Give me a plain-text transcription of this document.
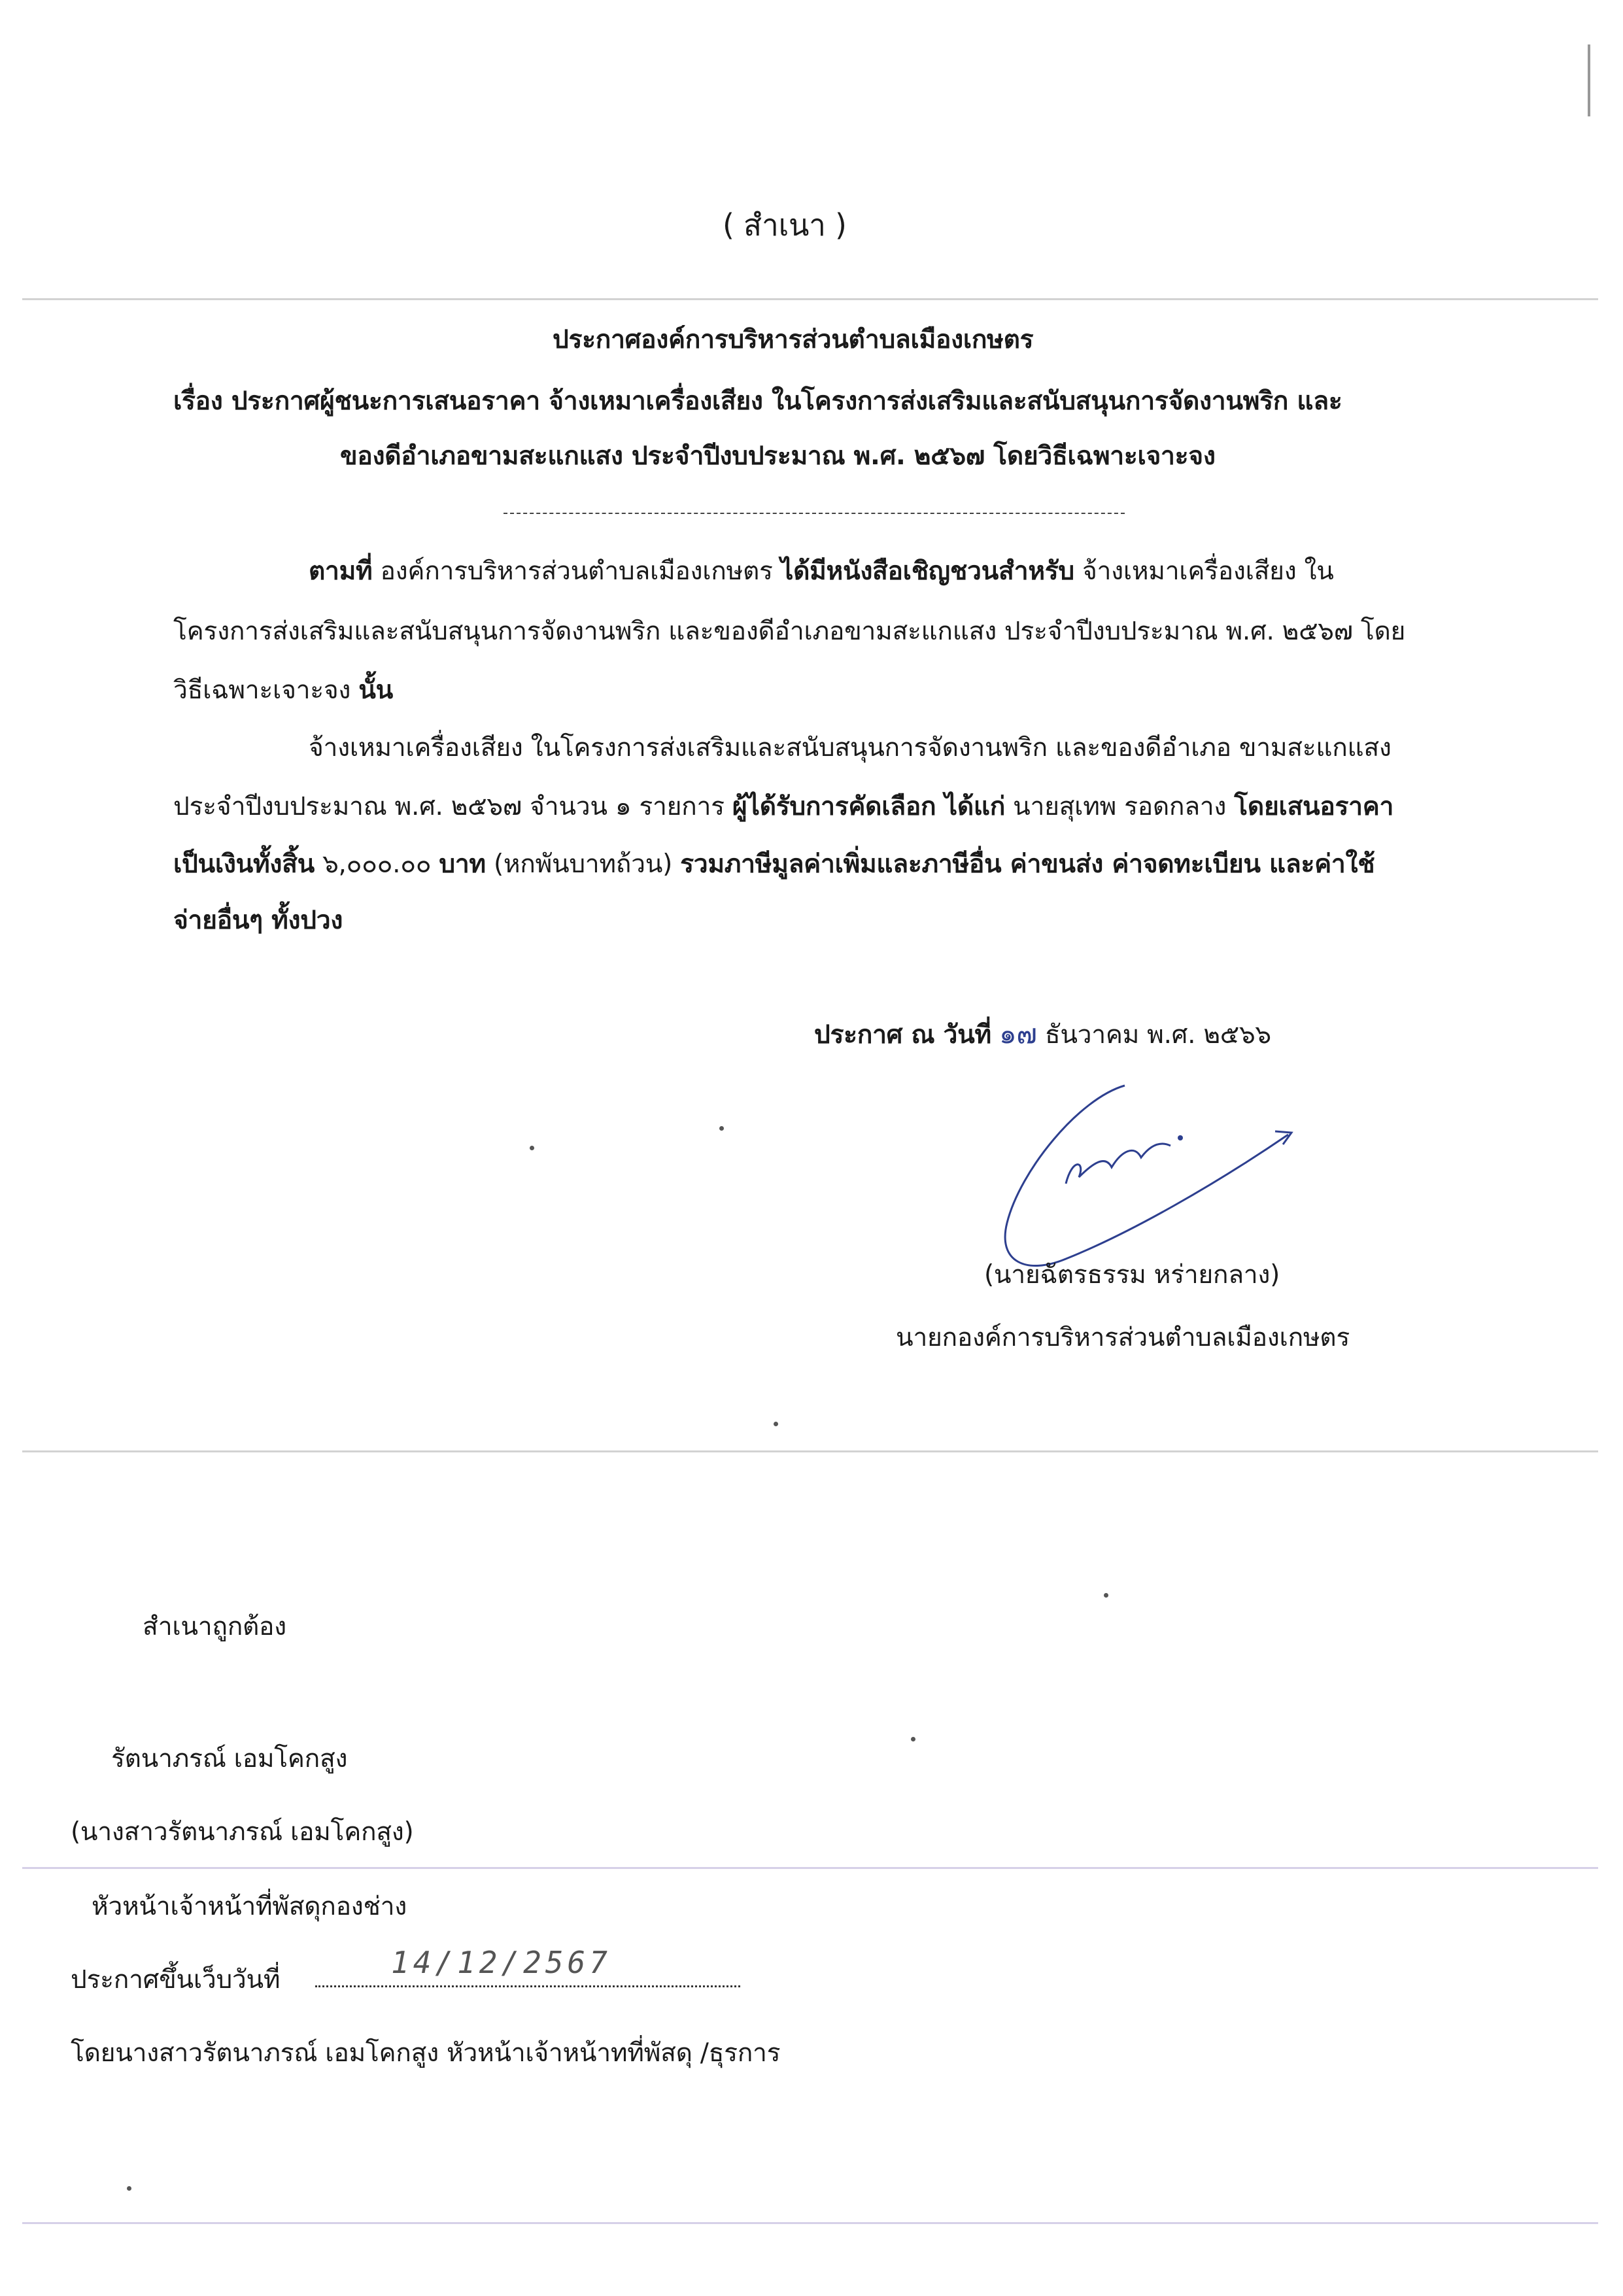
( สำเนา )
ประกาศองค์การบริหารส่วนตำบลเมืองเกษตร
เรื่อง ประกาศผู้ชนะการเสนอราคา จ้างเหมาเครื่องเสียง ในโครงการส่งเสริมและสนับสนุนการจัดงานพริก และ
ของดีอำเภอขามสะแกแสง ประจำปีงบประมาณ พ.ศ. ๒๕๖๗ โดยวิธีเฉพาะเจาะจง
ตามที่ องค์การบริหารส่วนตำบลเมืองเกษตร ได้มีหนังสือเชิญชวนสำหรับ จ้างเหมาเครื่องเสียง ใน
โครงการส่งเสริมและสนับสนุนการจัดงานพริก และของดีอำเภอขามสะแกแสง ประจำปีงบประมาณ พ.ศ. ๒๕๖๗ โดย
วิธีเฉพาะเจาะจง นั้น
จ้างเหมาเครื่องเสียง ในโครงการส่งเสริมและสนับสนุนการจัดงานพริก และของดีอำเภอ ขามสะแกแสง
ประจำปีงบประมาณ พ.ศ. ๒๕๖๗ จำนวน ๑ รายการ ผู้ได้รับการคัดเลือก ได้แก่ นายสุเทพ รอดกลาง โดยเสนอราคา
เป็นเงินทั้งสิ้น ๖,๐๐๐.๐๐ บาท (หกพันบาทถ้วน) รวมภาษีมูลค่าเพิ่มและภาษีอื่น ค่าขนส่ง ค่าจดทะเบียน และค่าใช้
จ่ายอื่นๆ ทั้งปวง
ประกาศ ณ วันที่ ๑๗ ธันวาคม พ.ศ. ๒๕๖๖
(นายฉัตรธรรม หร่ายกลาง)
นายกองค์การบริหารส่วนตำบลเมืองเกษตร
สำเนาถูกต้อง
รัตนาภรณ์ เอมโคกสูง
(นางสาวรัตนาภรณ์ เอมโคกสูง)
หัวหน้าเจ้าหน้าที่พัสดุกองช่าง
ประกาศขึ้นเว็บวันที่	14/12/2567
โดยนางสาวรัตนาภรณ์ เอมโคกสูง หัวหน้าเจ้าหน้าทที่พัสดุ /ธุรการ
